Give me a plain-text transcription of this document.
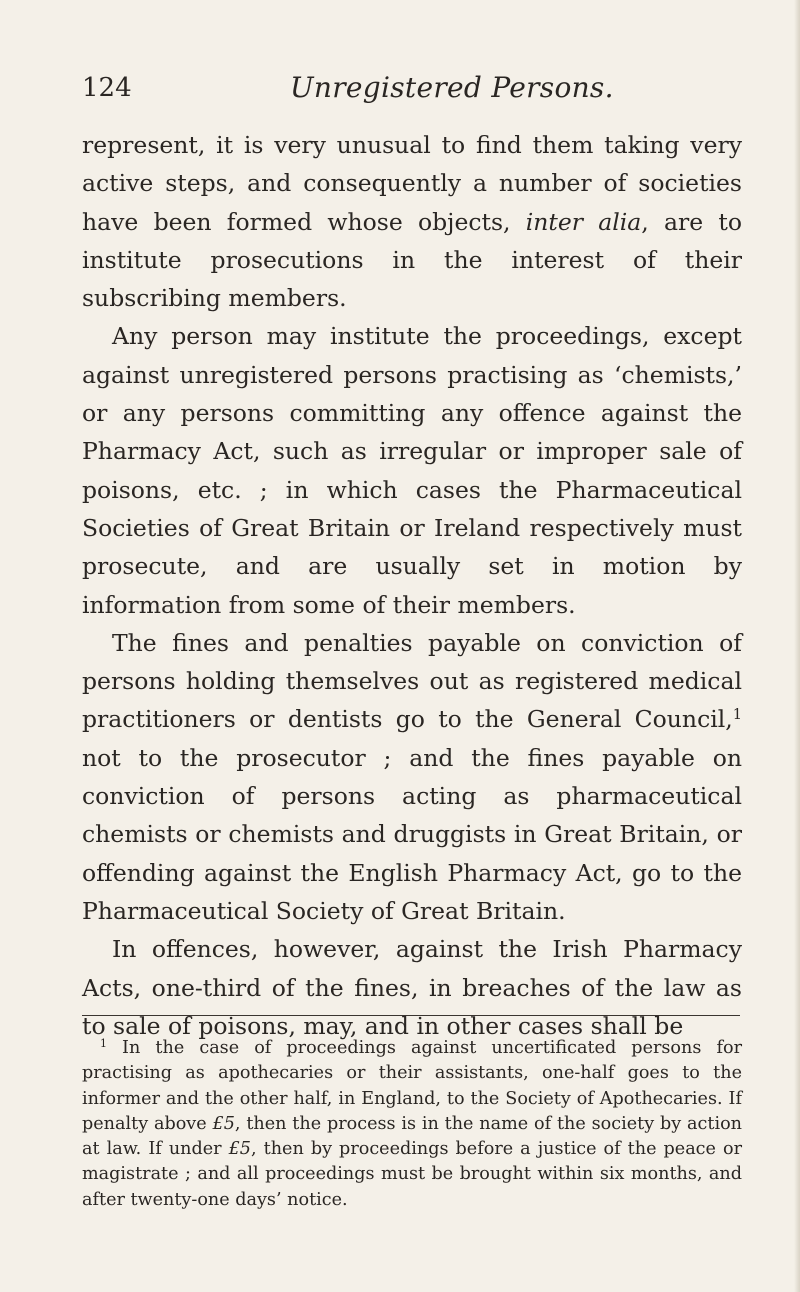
124	Unregistered Persons.

represent, it is very unusual to find them taking very active steps, and consequently a number of societies have been formed whose objects, inter alia, are to institute prosecutions in the interest of their subscribing members.

Any person may institute the proceedings, except against unregistered persons practising as ‘chemists,’ or any persons committing any offence against the Pharmacy Act, such as irregular or improper sale of poisons, etc. ; in which cases the Pharmaceutical Societies of Great Britain or Ireland respectively must prosecute, and are usually set in motion by information from some of their members.

The fines and penalties payable on conviction of persons holding themselves out as registered medical practitioners or dentists go to the General Council,$^1$ not to the prosecutor ; and the fines payable on conviction of persons acting as pharmaceutical chemists or chemists and druggists in Great Britain, or offending against the English Pharmacy Act, go to the Pharmaceutical Society of Great Britain.

In offences, however, against the Irish Pharmacy Acts, one-third of the fines, in breaches of the law as to sale of poisons, may, and in other cases shall be

$^1$ In the case of proceedings against uncertificated persons for practising as apothecaries or their assistants, one-half goes to the informer and the other half, in England, to the Society of Apothecaries. If penalty above £5, then the process is in the name of the society by action at law. If under £5, then by proceedings before a justice of the peace or magistrate ; and all proceedings must be brought within six months, and after twenty-one days’ notice.
